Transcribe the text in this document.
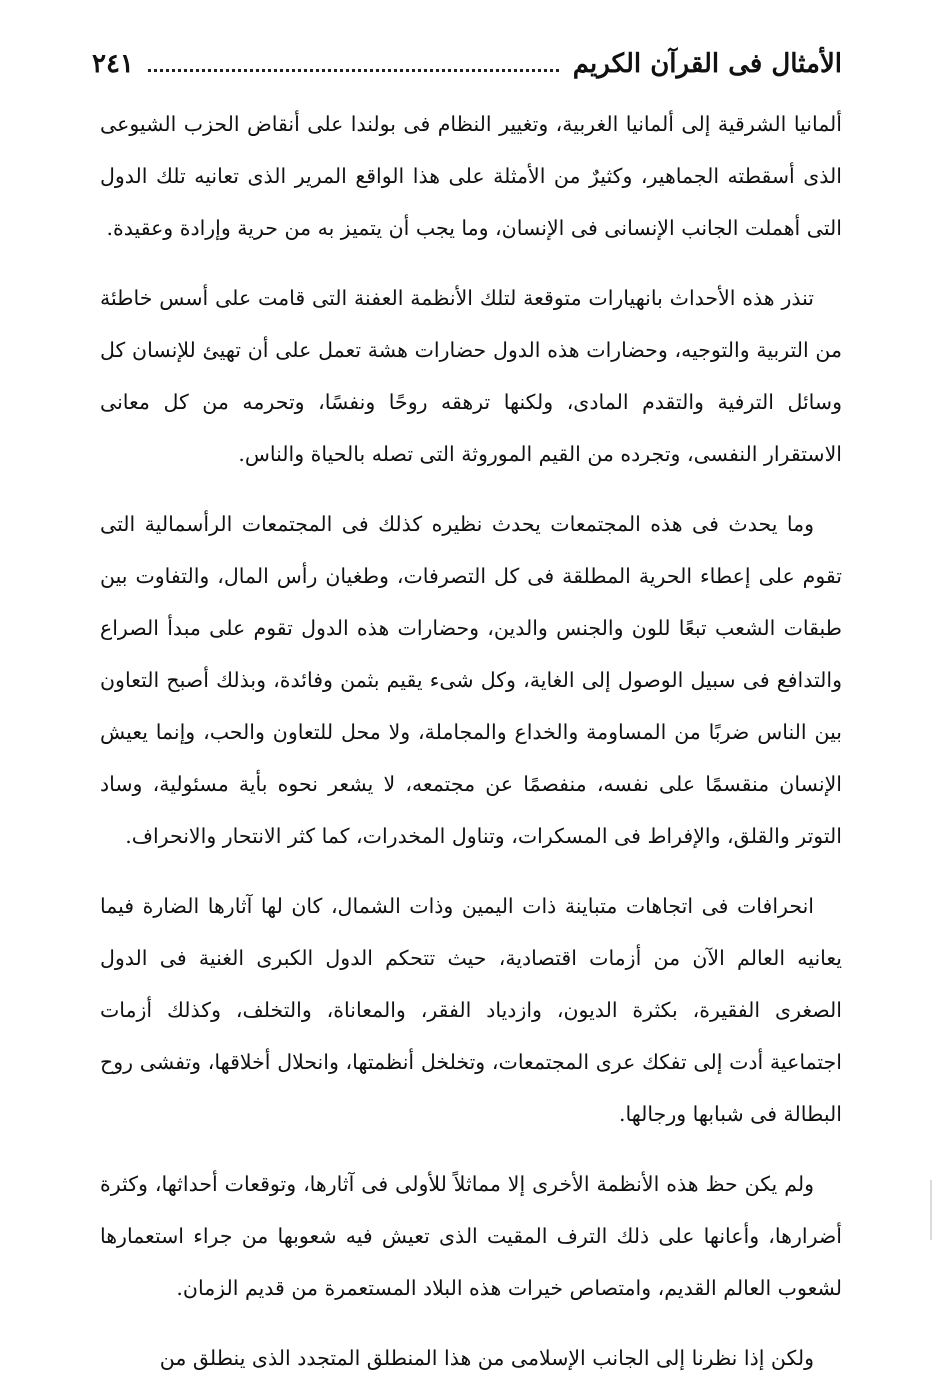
الأمثال فى القرآن الكريم
٢٤١

ألمانيا الشرقية إلى ألمانيا الغربية، وتغيير النظام فى بولندا على أنقاض الحزب الشيوعى الذى أسقطته الجماهير، وكثيرٌ من الأمثلة على هذا الواقع المرير الذى تعانيه تلك الدول التى أهملت الجانب الإنسانى فى الإنسان، وما يجب أن يتميز به من حرية وإرادة وعقيدة.

تنذر هذه الأحداث بانهيارات متوقعة لتلك الأنظمة العفنة التى قامت على أسس خاطئة من التربية والتوجيه، وحضارات هذه الدول حضارات هشة تعمل على أن تهيئ للإنسان كل وسائل الترفية والتقدم المادى، ولكنها ترهقه روحًا ونفسًا، وتحرمه من كل معانى الاستقرار النفسى، وتجرده من القيم الموروثة التى تصله بالحياة والناس.

وما يحدث فى هذه المجتمعات يحدث نظيره كذلك فى المجتمعات الرأسمالية التى تقوم على إعطاء الحرية المطلقة فى كل التصرفات، وطغيان رأس المال، والتفاوت بين طبقات الشعب تبعًا للون والجنس والدين، وحضارات هذه الدول تقوم على مبدأ الصراع والتدافع فى سبيل الوصول إلى الغاية، وكل شىء يقيم بثمن وفائدة، وبذلك أصبح التعاون بين الناس ضربًا من المساومة والخداع والمجاملة، ولا محل للتعاون والحب، وإنما يعيش الإنسان منقسمًا على نفسه، منفصمًا عن مجتمعه، لا يشعر نحوه بأية مسئولية، وساد التوتر والقلق، والإفراط فى المسكرات، وتناول المخدرات، كما كثر الانتحار والانحراف.

انحرافات فى اتجاهات متباينة ذات اليمين وذات الشمال، كان لها آثارها الضارة فيما يعانيه العالم الآن من أزمات اقتصادية، حيث تتحكم الدول الكبرى الغنية فى الدول الصغرى الفقيرة، بكثرة الديون، وازدياد الفقر، والمعاناة، والتخلف، وكذلك أزمات اجتماعية أدت إلى تفكك عرى المجتمعات، وتخلخل أنظمتها، وانحلال أخلاقها، وتفشى روح البطالة فى شبابها ورجالها.

ولم يكن حظ هذه الأنظمة الأخرى إلا مماثلاً للأولى فى آثارها، وتوقعات أحداثها، وكثرة أضرارها، وأعانها على ذلك الترف المقيت الذى تعيش فيه شعوبها من جراء استعمارها لشعوب العالم القديم، وامتصاص خيرات هذه البلاد المستعمرة من قديم الزمان.

ولكن إذا نظرنا إلى الجانب الإسلامى من هذا المنطلق المتجدد الذى ينطلق من
